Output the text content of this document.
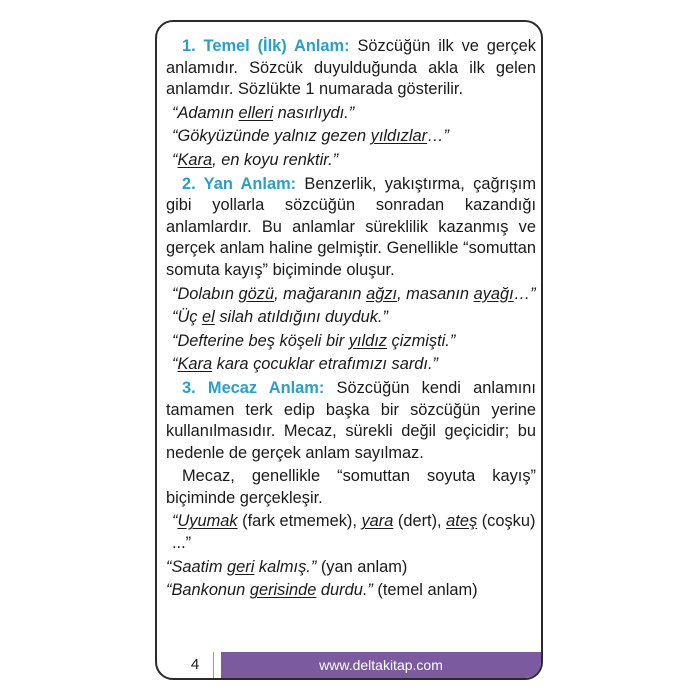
1. Temel (İlk) Anlam: Sözcüğün ilk ve gerçek anlamıdır. Sözcük duyulduğunda akla ilk gelen anlamdır. Sözlükte 1 numarada gösterilir.

“Adamın elleri nasırlıydı.”

“Gökyüzünde yalnız gezen yıldızlar…”

“Kara, en koyu renktir.”

2. Yan Anlam: Benzerlik, yakıştırma, çağrışım gibi yollarla sözcüğün sonradan kazandığı anlamlardır. Bu anlamlar süreklilik kazanmış ve gerçek anlam haline gelmiştir. Genellikle “somuttan somuta kayış” biçiminde oluşur.

“Dolabın gözü, mağaranın ağzı, masanın ayağı…”

“Üç el silah atıldığını duyduk.”

“Defterine beş köşeli bir yıldız çizmişti.”

“Kara kara çocuklar etrafımızı sardı.”

3. Mecaz Anlam: Sözcüğün kendi anlamını tamamen terk edip başka bir sözcüğün yerine kullanılmasıdır. Mecaz, sürekli değil geçicidir; bu nedenle de gerçek anlam sayılmaz.

Mecaz, genellikle “somuttan soyuta kayış” biçiminde gerçekleşir.

“Uyumak (fark etmemek), yara (dert), ateş (coşku) ...”

“Saatim geri kalmış.” (yan anlam)

“Bankonun gerisinde durdu.” (temel anlam)

4	www.deltakitap.com
